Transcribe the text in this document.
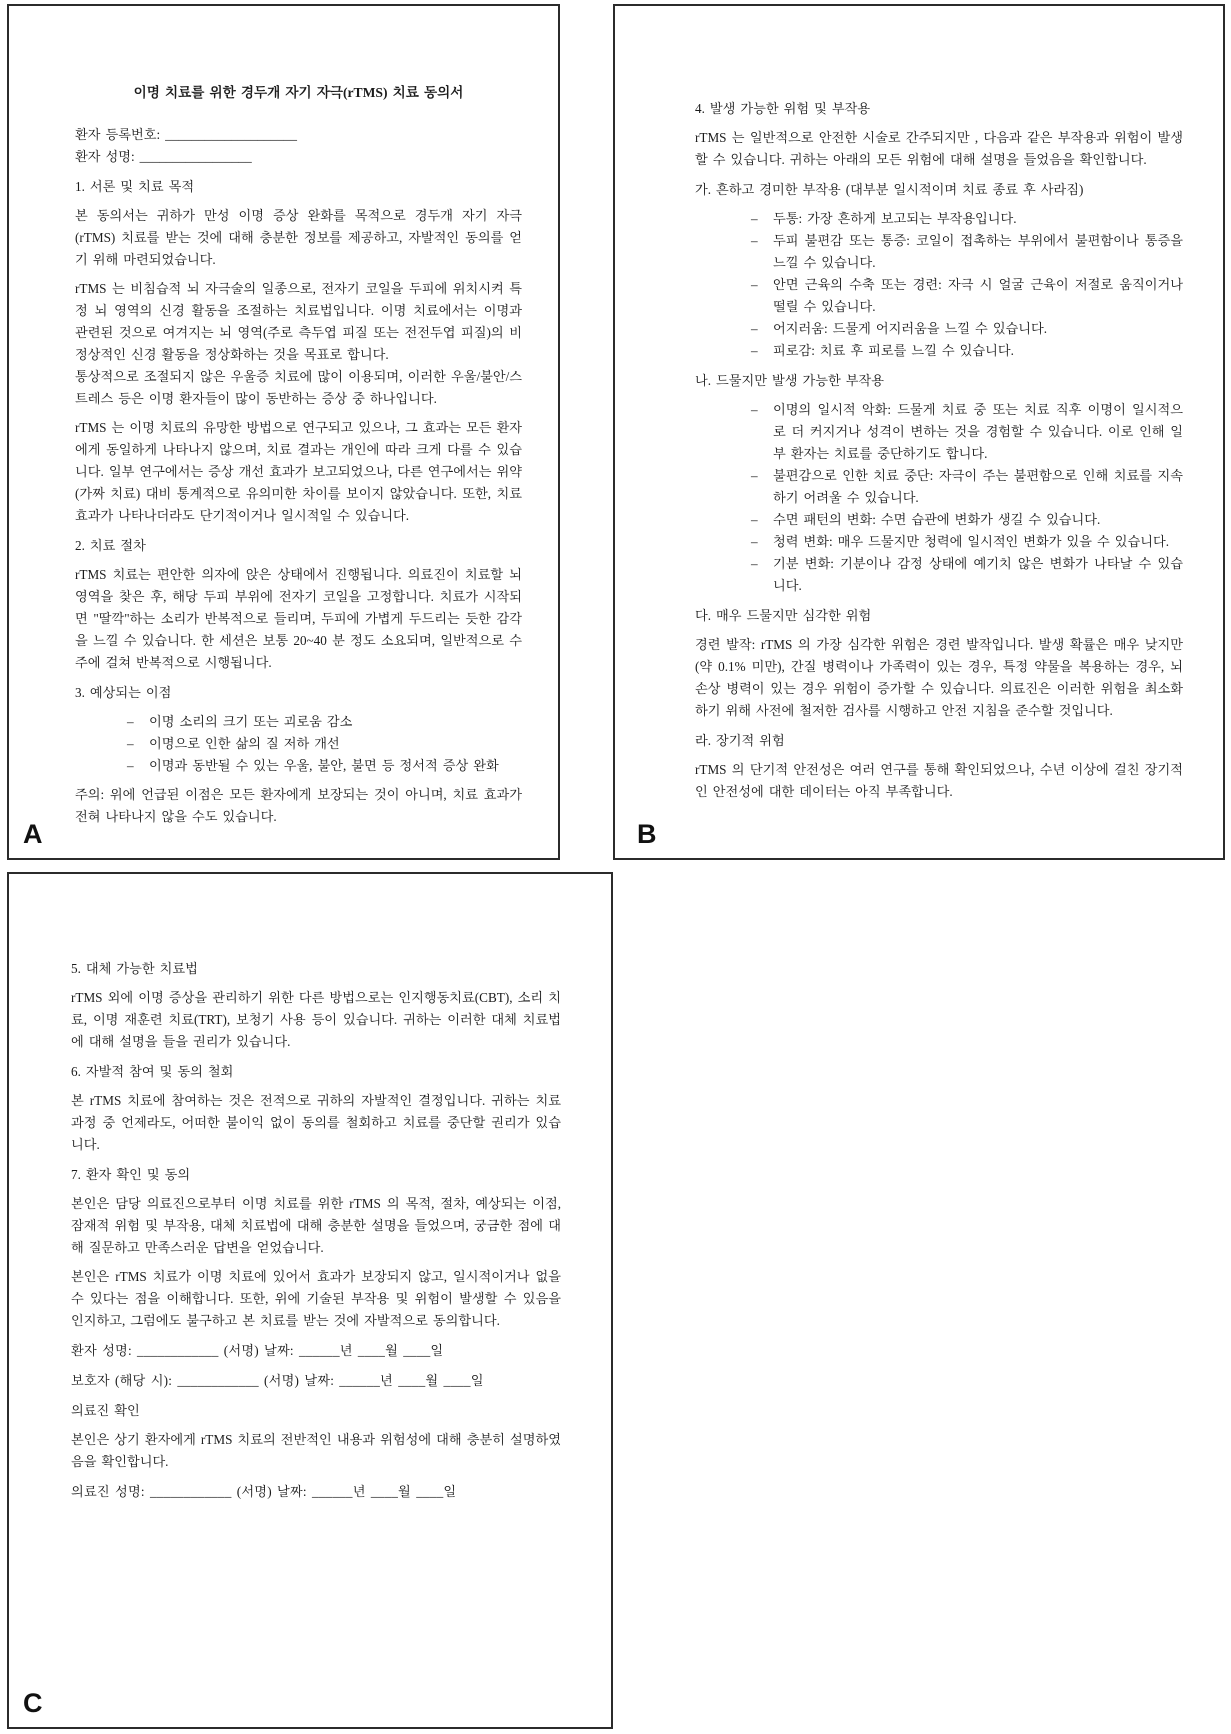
이명 치료를 위한 경두개 자기 자극(rTMS) 치료 동의서

환자 등록번호: ____________________

환자 성명: _________________

1. 서론 및 치료 목적

본 동의서는 귀하가 만성 이명 증상 완화를 목적으로 경두개 자기 자극(rTMS) 치료를 받는 것에 대해 충분한 정보를 제공하고, 자발적인 동의를 얻기 위해 마련되었습니다.

rTMS 는 비침습적 뇌 자극술의 일종으로, 전자기 코일을 두피에 위치시켜 특정 뇌 영역의 신경 활동을 조절하는 치료법입니다. 이명 치료에서는 이명과 관련된 것으로 여겨지는 뇌 영역(주로 측두엽 피질 또는 전전두엽 피질)의 비정상적인 신경 활동을 정상화하는 것을 목표로 합니다.

통상적으로 조절되지 않은 우울증 치료에 많이 이용되며, 이러한 우울/불안/스트레스 등은 이명 환자들이 많이 동반하는 증상 중 하나입니다.

rTMS 는 이명 치료의 유망한 방법으로 연구되고 있으나, 그 효과는 모든 환자에게 동일하게 나타나지 않으며, 치료 결과는 개인에 따라 크게 다를 수 있습니다. 일부 연구에서는 증상 개선 효과가 보고되었으나, 다른 연구에서는 위약(가짜 치료) 대비 통계적으로 유의미한 차이를 보이지 않았습니다. 또한, 치료 효과가 나타나더라도 단기적이거나 일시적일 수 있습니다.

2. 치료 절차

rTMS 치료는 편안한 의자에 앉은 상태에서 진행됩니다. 의료진이 치료할 뇌 영역을 찾은 후, 해당 두피 부위에 전자기 코일을 고정합니다. 치료가 시작되면 "딸깍"하는 소리가 반복적으로 들리며, 두피에 가볍게 두드리는 듯한 감각을 느낄 수 있습니다. 한 세션은 보통 20~40 분 정도 소요되며, 일반적으로 수 주에 걸쳐 반복적으로 시행됩니다.

3. 예상되는 이점

–	이명 소리의 크기 또는 괴로움 감소
–	이명으로 인한 삶의 질 저하 개선
–	이명과 동반될 수 있는 우울, 불안, 불면 등 정서적 증상 완화

주의: 위에 언급된 이점은 모든 환자에게 보장되는 것이 아니며, 치료 효과가 전혀 나타나지 않을 수도 있습니다.

A

4. 발생 가능한 위험 및 부작용

rTMS 는 일반적으로 안전한 시술로 간주되지만 , 다음과 같은 부작용과 위험이 발생할 수 있습니다. 귀하는 아래의 모든 위험에 대해 설명을 들었음을 확인합니다.

가. 흔하고 경미한 부작용 (대부분 일시적이며 치료 종료 후 사라짐)

–	두통: 가장 흔하게 보고되는 부작용입니다.
–	두피 불편감 또는 통증: 코일이 접촉하는 부위에서 불편함이나 통증을 느낄 수 있습니다.
–	안면 근육의 수축 또는 경련: 자극 시 얼굴 근육이 저절로 움직이거나 떨릴 수 있습니다.
–	어지러움: 드물게 어지러움을 느낄 수 있습니다.
–	피로감: 치료 후 피로를 느낄 수 있습니다.

나. 드물지만 발생 가능한 부작용

–	이명의 일시적 악화: 드물게 치료 중 또는 치료 직후 이명이 일시적으로 더 커지거나 성격이 변하는 것을 경험할 수 있습니다. 이로 인해 일부 환자는 치료를 중단하기도 합니다.
–	불편감으로 인한 치료 중단: 자극이 주는 불편함으로 인해 치료를 지속하기 어려울 수 있습니다.
–	수면 패턴의 변화: 수면 습관에 변화가 생길 수 있습니다.
–	청력 변화: 매우 드물지만 청력에 일시적인 변화가 있을 수 있습니다.
–	기분 변화: 기분이나 감정 상태에 예기치 않은 변화가 나타날 수 있습니다.

다. 매우 드물지만 심각한 위험

경련 발작: rTMS 의 가장 심각한 위험은 경련 발작입니다. 발생 확률은 매우 낮지만(약 0.1% 미만), 간질 병력이나 가족력이 있는 경우, 특정 약물을 복용하는 경우, 뇌 손상 병력이 있는 경우 위험이 증가할 수 있습니다. 의료진은 이러한 위험을 최소화하기 위해 사전에 철저한 검사를 시행하고 안전 지침을 준수할 것입니다.

라. 장기적 위험

rTMS 의 단기적 안전성은 여러 연구를 통해 확인되었으나, 수년 이상에 걸친 장기적인 안전성에 대한 데이터는 아직 부족합니다.

B

5. 대체 가능한 치료법

rTMS 외에 이명 증상을 관리하기 위한 다른 방법으로는 인지행동치료(CBT), 소리 치료, 이명 재훈련 치료(TRT), 보청기 사용 등이 있습니다. 귀하는 이러한 대체 치료법에 대해 설명을 들을 권리가 있습니다.

6. 자발적 참여 및 동의 철회

본 rTMS 치료에 참여하는 것은 전적으로 귀하의 자발적인 결정입니다. 귀하는 치료 과정 중 언제라도, 어떠한 불이익 없이 동의를 철회하고 치료를 중단할 권리가 있습니다.

7. 환자 확인 및 동의

본인은 담당 의료진으로부터 이명 치료를 위한 rTMS 의 목적, 절차, 예상되는 이점, 잠재적 위험 및 부작용, 대체 치료법에 대해 충분한 설명을 들었으며, 궁금한 점에 대해 질문하고 만족스러운 답변을 얻었습니다.

본인은 rTMS 치료가 이명 치료에 있어서 효과가 보장되지 않고, 일시적이거나 없을 수 있다는 점을 이해합니다. 또한, 위에 기술된 부작용 및 위험이 발생할 수 있음을 인지하고, 그럼에도 불구하고 본 치료를 받는 것에 자발적으로 동의합니다.

환자 성명: ____________ (서명) 날짜: ______년 ____월 ____일

보호자 (해당 시): ____________ (서명) 날짜: ______년 ____월 ____일

의료진 확인

본인은 상기 환자에게 rTMS 치료의 전반적인 내용과 위험성에 대해 충분히 설명하였음을 확인합니다.

의료진 성명: ____________ (서명) 날짜: ______년 ____월 ____일

C
